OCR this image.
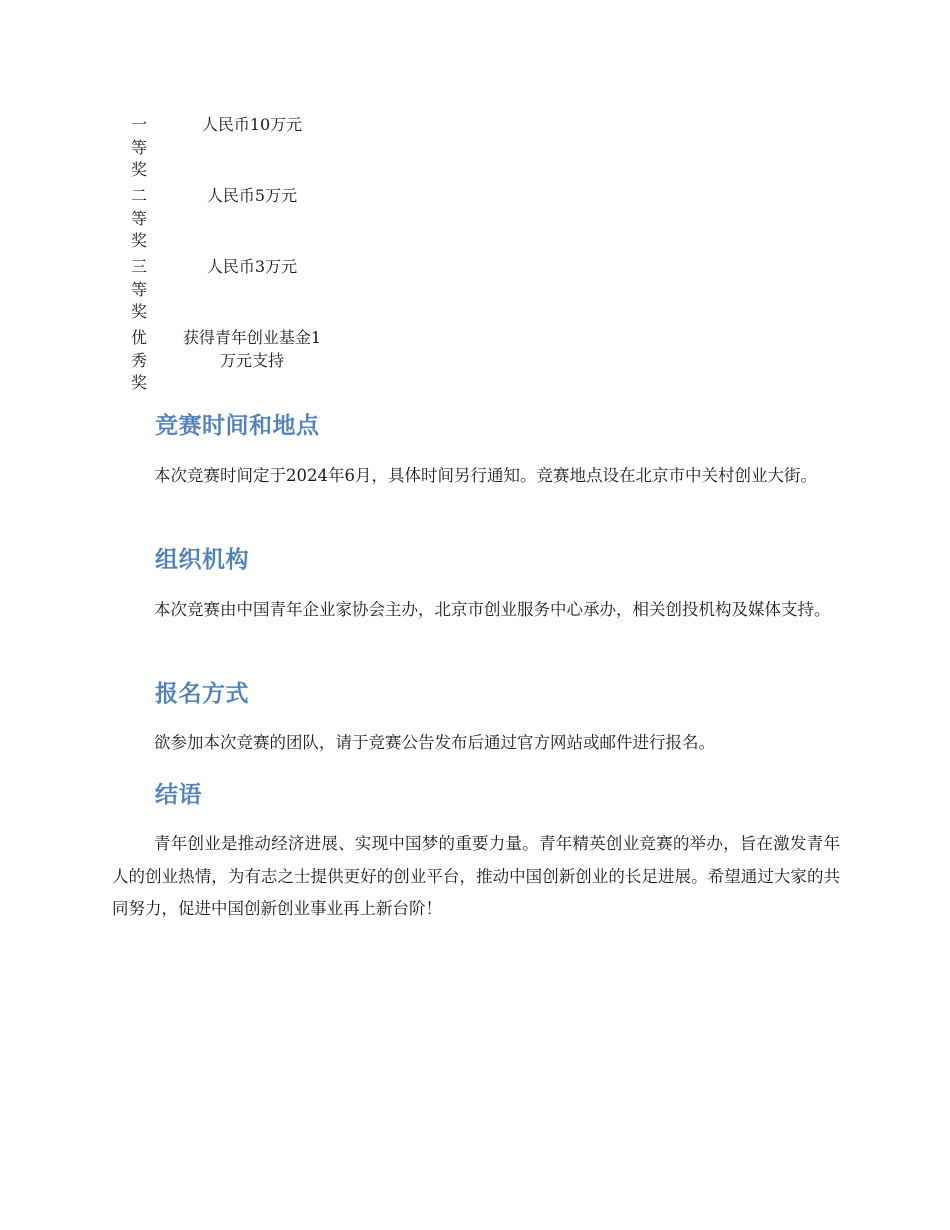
一
等
奖	人民币10万元

二
等
奖	人民币5万元

三
等
奖	人民币3万元

优
秀
奖	获得青年创业基金1万元支持
竞赛时间和地点

本次竞赛时间定于2024年6月，具体时间另行通知。竞赛地点设在北京市中关村创业大街。

组织机构

本次竞赛由中国青年企业家协会主办，北京市创业服务中心承办，相关创投机构及媒体支持。

报名方式

欲参加本次竞赛的团队，请于竞赛公告发布后通过官方网站或邮件进行报名。

结语

青年创业是推动经济进展、实现中国梦的重要力量。青年精英创业竞赛的举办，旨在激发青年人的创业热情，为有志之士提供更好的创业平台，推动中国创新创业的长足进展。希望通过大家的共同努力，促进中国创新创业事业再上新台阶！
